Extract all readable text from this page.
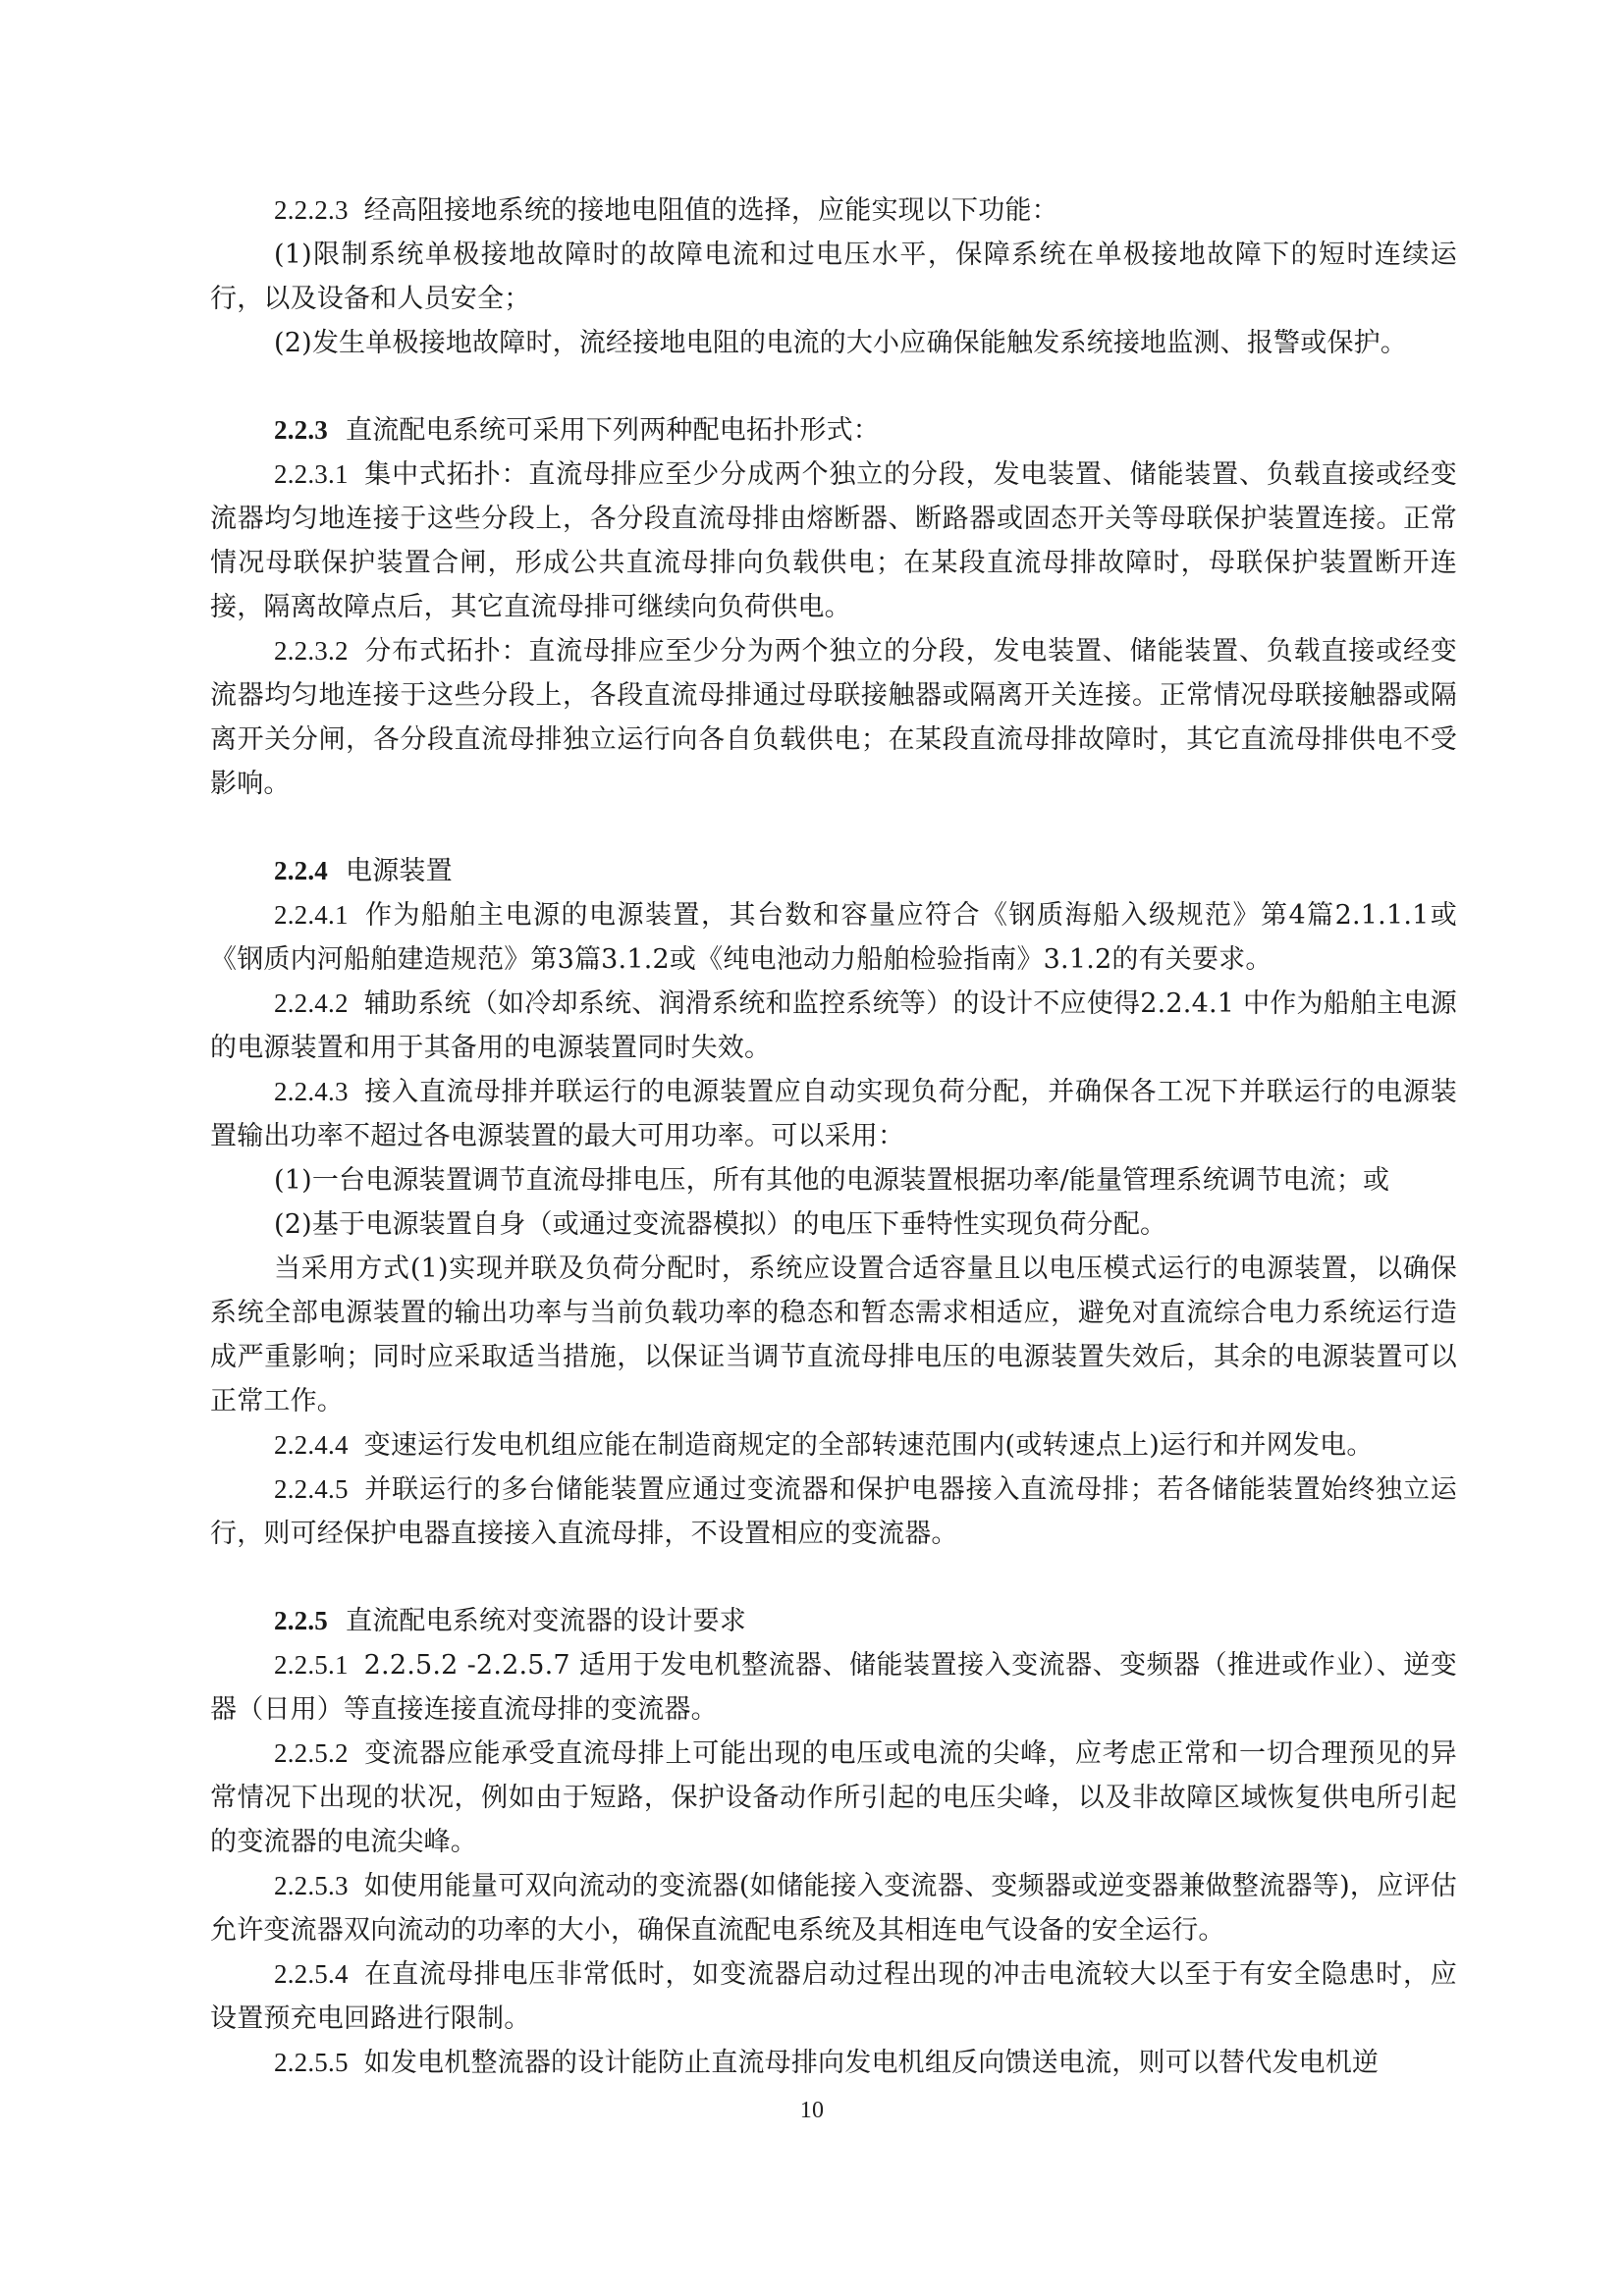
2.2.2.3 经高阻接地系统的接地电阻值的选择，应能实现以下功能：

(1)限制系统单极接地故障时的故障电流和过电压水平，保障系统在单极接地故障下的短时连续运行，以及设备和人员安全；

(2)发生单极接地故障时，流经接地电阻的电流的大小应确保能触发系统接地监测、报警或保护。

2.2.3 直流配电系统可采用下列两种配电拓扑形式：

2.2.3.1 集中式拓扑：直流母排应至少分成两个独立的分段，发电装置、储能装置、负载直接或经变流器均匀地连接于这些分段上，各分段直流母排由熔断器、断路器或固态开关等母联保护装置连接。正常情况母联保护装置合闸，形成公共直流母排向负载供电；在某段直流母排故障时，母联保护装置断开连接，隔离故障点后，其它直流母排可继续向负荷供电。

2.2.3.2 分布式拓扑：直流母排应至少分为两个独立的分段，发电装置、储能装置、负载直接或经变流器均匀地连接于这些分段上，各段直流母排通过母联接触器或隔离开关连接。正常情况母联接触器或隔离开关分闸，各分段直流母排独立运行向各自负载供电；在某段直流母排故障时，其它直流母排供电不受影响。

2.2.4 电源装置

2.2.4.1 作为船舶主电源的电源装置，其台数和容量应符合《钢质海船入级规范》第4篇2.1.1.1或《钢质内河船舶建造规范》第3篇3.1.2或《纯电池动力船舶检验指南》3.1.2的有关要求。

2.2.4.2 辅助系统（如冷却系统、润滑系统和监控系统等）的设计不应使得2.2.4.1 中作为船舶主电源的电源装置和用于其备用的电源装置同时失效。

2.2.4.3 接入直流母排并联运行的电源装置应自动实现负荷分配，并确保各工况下并联运行的电源装置输出功率不超过各电源装置的最大可用功率。可以采用：

(1)一台电源装置调节直流母排电压，所有其他的电源装置根据功率/能量管理系统调节电流；或

(2)基于电源装置自身（或通过变流器模拟）的电压下垂特性实现负荷分配。

当采用方式(1)实现并联及负荷分配时，系统应设置合适容量且以电压模式运行的电源装置，以确保系统全部电源装置的输出功率与当前负载功率的稳态和暂态需求相适应，避免对直流综合电力系统运行造成严重影响；同时应采取适当措施，以保证当调节直流母排电压的电源装置失效后，其余的电源装置可以正常工作。

2.2.4.4 变速运行发电机组应能在制造商规定的全部转速范围内(或转速点上)运行和并网发电。

2.2.4.5 并联运行的多台储能装置应通过变流器和保护电器接入直流母排；若各储能装置始终独立运行，则可经保护电器直接接入直流母排，不设置相应的变流器。

2.2.5 直流配电系统对变流器的设计要求

2.2.5.1 2.2.5.2 -2.2.5.7 适用于发电机整流器、储能装置接入变流器、变频器（推进或作业）、逆变器（日用）等直接连接直流母排的变流器。

2.2.5.2 变流器应能承受直流母排上可能出现的电压或电流的尖峰，应考虑正常和一切合理预见的异常情况下出现的状况，例如由于短路，保护设备动作所引起的电压尖峰，以及非故障区域恢复供电所引起的变流器的电流尖峰。

2.2.5.3 如使用能量可双向流动的变流器(如储能接入变流器、变频器或逆变器兼做整流器等)，应评估允许变流器双向流动的功率的大小，确保直流配电系统及其相连电气设备的安全运行。

2.2.5.4 在直流母排电压非常低时，如变流器启动过程出现的冲击电流较大以至于有安全隐患时，应设置预充电回路进行限制。

2.2.5.5 如发电机整流器的设计能防止直流母排向发电机组反向馈送电流，则可以替代发电机逆

10
